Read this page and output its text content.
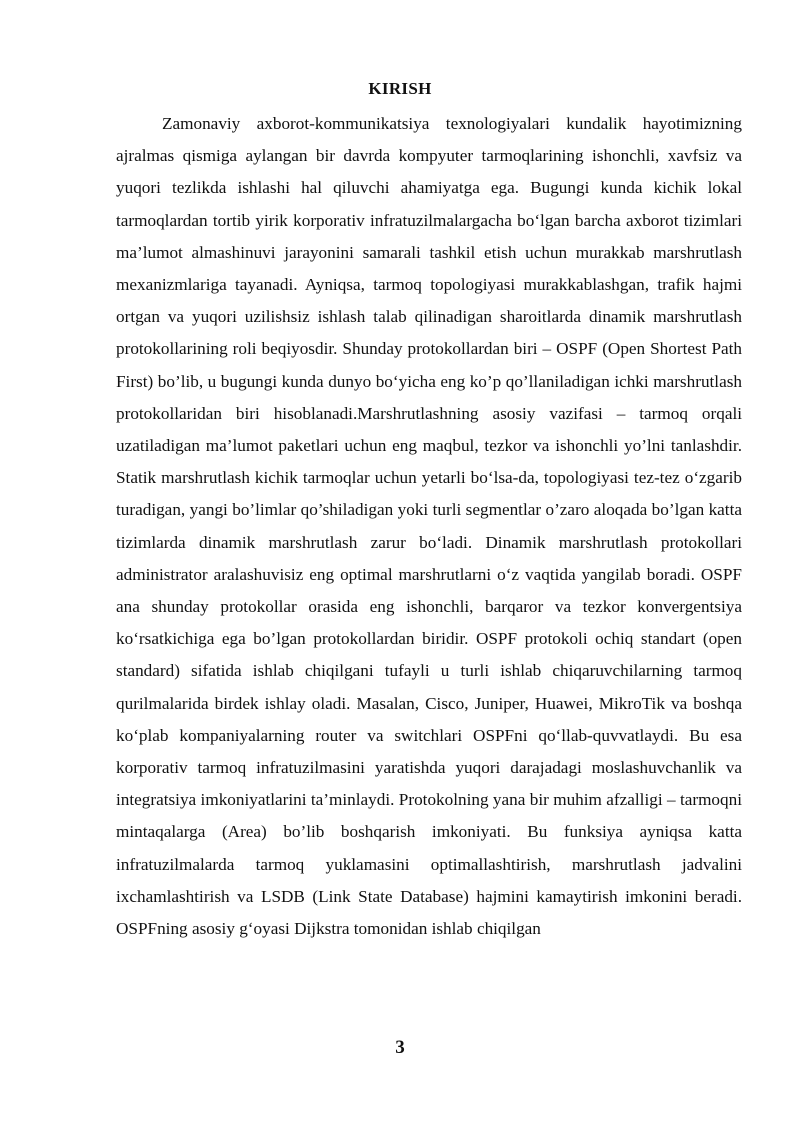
KIRISH

Zamonaviy axborot-kommunikatsiya texnologiyalari kundalik hayotimizning ajralmas qismiga aylangan bir davrda kompyuter tarmoqlarining ishonchli, xavfsiz va yuqori tezlikda ishlashi hal qiluvchi ahamiyatga ega. Bugungi kunda kichik lokal tarmoqlardan tortib yirik korporativ infratuzilmalargacha bo‘lgan barcha axborot tizimlari ma’lumot almashinuvi jarayonini samarali tashkil etish uchun murakkab marshrutlash mexanizmlariga tayanadi. Ayniqsa, tarmoq topologiyasi murakkablashgan, trafik hajmi ortgan va yuqori uzilishsiz ishlash talab qilinadigan sharoitlarda dinamik marshrutlash protokollarining roli beqiyosdir. Shunday protokollardan biri – OSPF (Open Shortest Path First) bo’lib, u bugungi kunda dunyo bo‘yicha eng ko’p qo’llaniladigan ichki marshrutlash protokollaridan biri hisoblanadi.Marshrutlashning asosiy vazifasi – tarmoq orqali uzatiladigan ma’lumot paketlari uchun eng maqbul, tezkor va ishonchli yo’lni tanlashdir. Statik marshrutlash kichik tarmoqlar uchun yetarli bo‘lsa-da, topologiyasi tez-tez o‘zgarib turadigan, yangi bo’limlar qo’shiladigan yoki turli segmentlar o’zaro aloqada bo’lgan katta tizimlarda dinamik marshrutlash zarur bo‘ladi. Dinamik marshrutlash protokollari administrator aralashuvisiz eng optimal marshrutlarni o‘z vaqtida yangilab boradi. OSPF ana shunday protokollar orasida eng ishonchli, barqaror va tezkor konvergentsiya ko‘rsatkichiga ega bo’lgan protokollardan biridir. OSPF protokoli ochiq standart (open standard) sifatida ishlab chiqilgani tufayli u turli ishlab chiqaruvchilarning tarmoq qurilmalarida birdek ishlay oladi. Masalan, Cisco, Juniper, Huawei, MikroTik va boshqa ko‘plab kompaniyalarning router va switchlari OSPFni qo‘llab-quvvatlaydi. Bu esa korporativ tarmoq infratuzilmasini yaratishda yuqori darajadagi moslashuvchanlik va integratsiya imkoniyatlarini ta’minlaydi. Protokolning yana bir muhim afzalligi – tarmoqni mintaqalarga (Area) bo’lib boshqarish imkoniyati. Bu funksiya ayniqsa katta infratuzilmalarda tarmoq yuklamasini optimallashtirish, marshrutlash jadvalini ixchamlashtirish va LSDB (Link State Database) hajmini kamaytirish imkonini beradi. OSPFning asosiy g‘oyasi Dijkstra tomonidan ishlab chiqilgan

3
